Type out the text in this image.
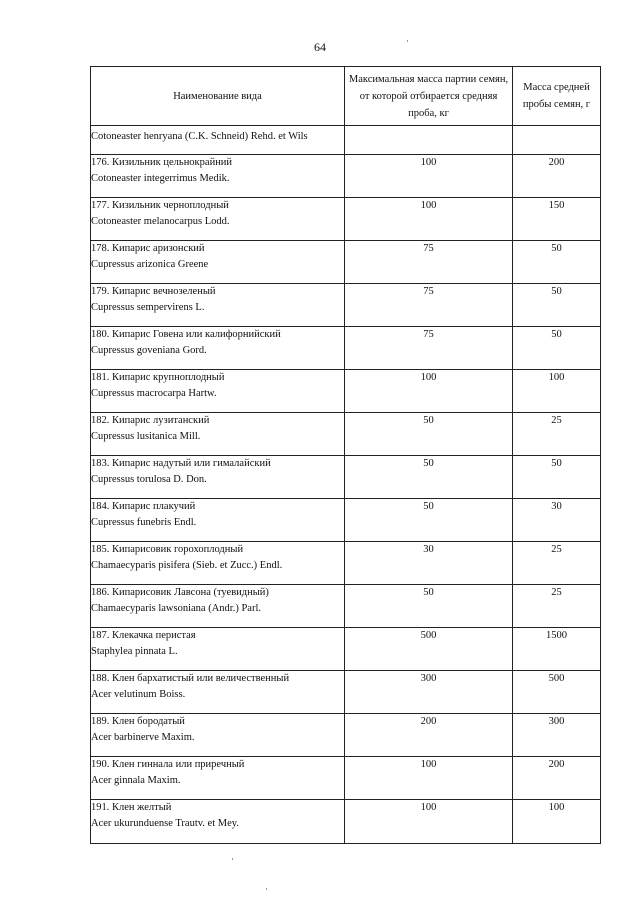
64
Наименование вида	Максимальная масса партии семян, от которой отбирается средняя проба, кг	Масса средней пробы семян, г
Cotoneaster henryana (C.K. Schneid) Rehd. et Wils		

176. Кизильник цельнокрайний
Cotoneaster integerrimus Medik.	100	200

177. Кизильник черноплодный
Cotoneaster melanocarpus Lodd.	100	150

178. Кипарис аризонский
Cupressus arizonica Greene	75	50

179. Кипарис вечнозеленый
Cupressus sempervirens L.	75	50

180. Кипарис Говена или калифорнийский
Cupressus goveniana Gord.	75	50

181. Кипарис крупноплодный
Cupressus macrocarpa Hartw.	100	100

182. Кипарис лузитанский
Cupressus lusitanica Mill.	50	25

183. Кипарис надутый или гималайский
Cupressus torulosa D. Don.	50	50

184. Кипарис плакучий
Cupressus funebris Endl.	50	30

185. Кипарисовик горохоплодный
Chamaecyparis pisifera (Sieb. et Zucc.) Endl.	30	25

186. Кипарисовик Лавсона (туевидный)
Chamaecyparis lawsoniana (Andr.) Parl.	50	25

187. Клекачка перистая
Staphylea pinnata L.	500	1500

188. Клен бархатистый или величественный
Acer velutinum Boiss.	300	500

189. Клен бородатый
Acer barbinerve Maxim.	200	300

190. Клен гиннала или приречный
Acer ginnala Maxim.	100	200

191. Клен желтый
Acer ukurunduense Trautv. et Mey.	100	100
